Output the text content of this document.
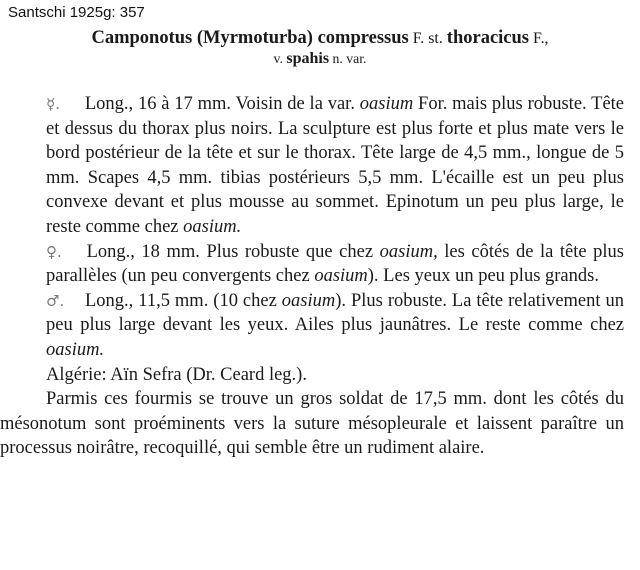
Santschi 1925g: 357
Camponotus (Myrmoturba) compressus F. st. thoracicus F.,
v. spahis n. var.

☿. Long., 16 à 17 mm. Voisin de la var. oasium For. mais plus robuste. Tête et dessus du thorax plus noirs. La sculpture est plus forte et plus mate vers le bord postérieur de la tête et sur le thorax. Tête large de 4,5 mm., longue de 5 mm. Scapes 4,5 mm. tibias postérieurs 5,5 mm. L'écaille est un peu plus convexe devant et plus mousse au sommet. Epinotum un peu plus large, le reste comme chez oasium.

♀. Long., 18 mm. Plus robuste que chez oasium, les côtés de la tête plus parallèles (un peu convergents chez oasium). Les yeux un peu plus grands.

♂. Long., 11,5 mm. (10 chez oasium). Plus robuste. La tête relativement un peu plus large devant les yeux. Ailes plus jaunâtres. Le reste comme chez oasium.

Algérie: Aïn Sefra (Dr. Ceard leg.).

Parmis ces fourmis se trouve un gros soldat de 17,5 mm. dont les côtés du mésonotum sont proéminents vers la suture mésopleurale et laissent paraître un processus noirâtre, recoquillé, qui semble être un rudiment alaire.
